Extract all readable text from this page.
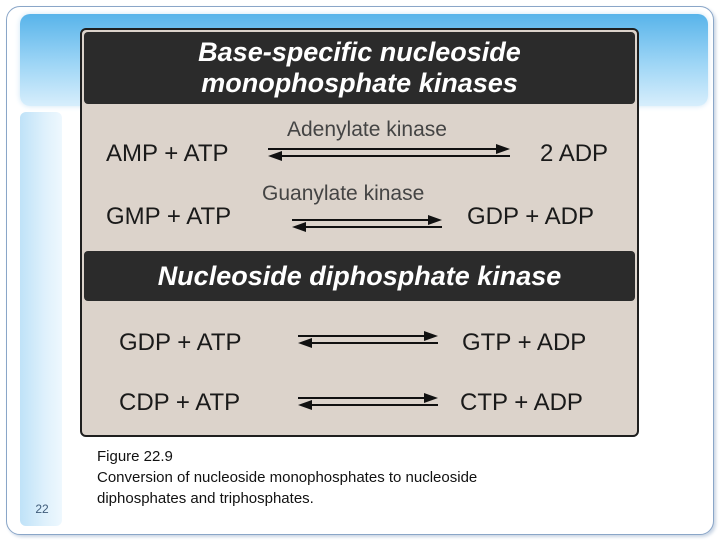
22
Base-specific nucleoside
monophosphate kinases
AMP + ATP
Adenylate kinase
2 ADP
GMP + ATP
Guanylate kinase
GDP + ADP
Nucleoside diphosphate kinase
GDP + ATP	GTP + ADP
CDP + ATP	CTP + ADP
Figure 22.9
Conversion of nucleoside monophosphates to nucleoside
diphosphates and triphosphates.
